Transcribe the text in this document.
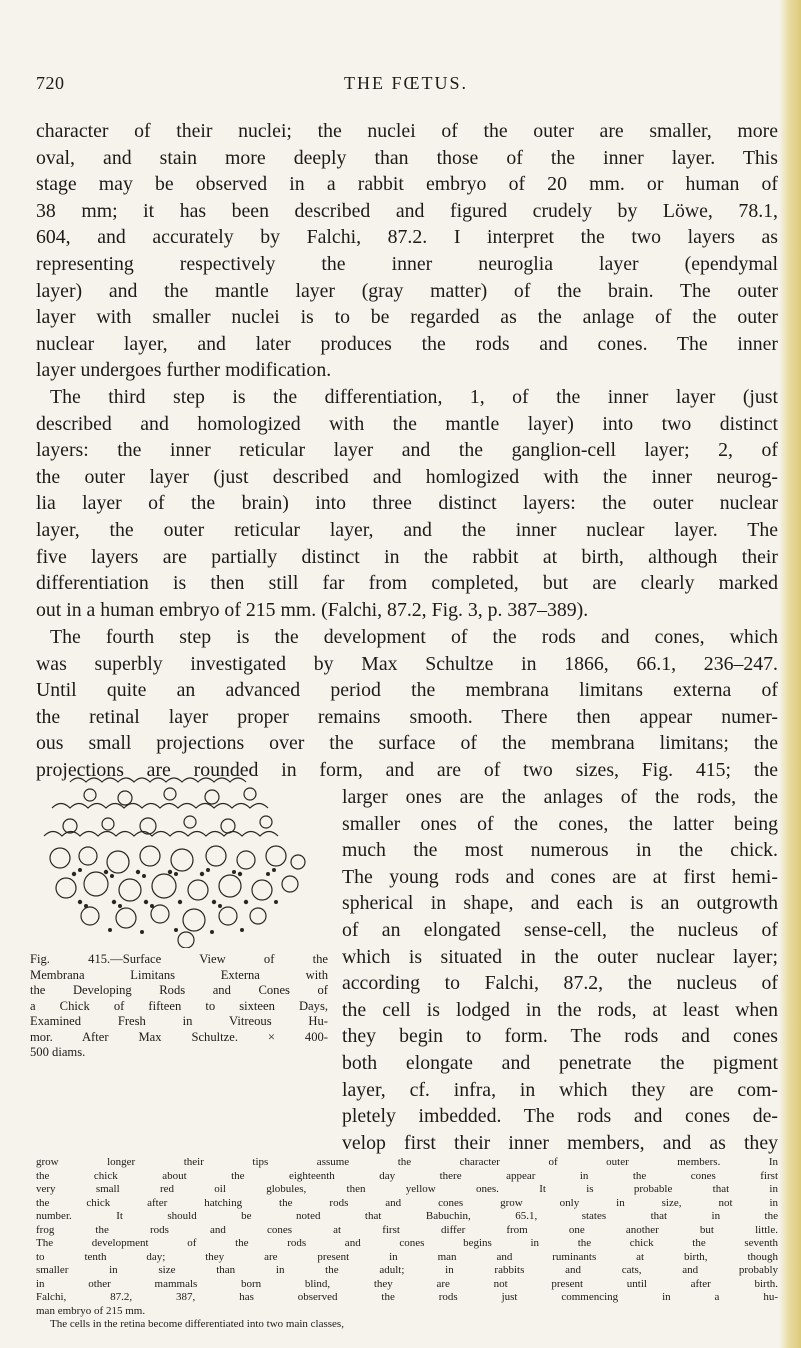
720	THE FŒTUS.
character of their nuclei; the nuclei of the outer are smaller, more
oval, and stain more deeply than those of the inner layer. This
stage may be observed in a rabbit embryo of 20 mm. or human of
38 mm; it has been described and figured crudely by Löwe, 78.1,
604, and accurately by Falchi, 87.2. I interpret the two layers as
representing respectively the inner neuroglia layer (ependymal
layer) and the mantle layer (gray matter) of the brain. The outer
layer with smaller nuclei is to be regarded as the anlage of the outer
nuclear layer, and later produces the rods and cones. The inner
layer undergoes further modification.
The third step is the differentiation, 1, of the inner layer (just
described and homologized with the mantle layer) into two distinct
layers: the inner reticular layer and the ganglion-cell layer; 2, of
the outer layer (just described and homlogized with the inner neurog-
lia layer of the brain) into three distinct layers: the outer nuclear
layer, the outer reticular layer, and the inner nuclear layer. The
five layers are partially distinct in the rabbit at birth, although their
differentiation is then still far from completed, but are clearly marked
out in a human embryo of 215 mm. (Falchi, 87.2, Fig. 3, p. 387–389).
The fourth step is the development of the rods and cones, which
was superbly investigated by Max Schultze in 1866, 66.1, 236–247.
Until quite an advanced period the membrana limitans externa of
the retinal layer proper remains smooth. There then appear numer-
ous small projections over the surface of the membrana limitans; the
projections are rounded in form, and are of two sizes, Fig. 415; the
larger ones are the anlages of the rods, the
smaller ones of the cones, the latter being
much the most numerous in the chick.
The young rods and cones are at first hemi-
spherical in shape, and each is an outgrowth
of an elongated sense-cell, the nucleus of
which is situated in the outer nuclear layer;
according to Falchi, 87.2, the nucleus of
the cell is lodged in the rods, at least when
they begin to form. The rods and cones
both elongate and penetrate the pigment
layer, cf. infra, in which they are com-
pletely imbedded. The rods and cones de-
velop first their inner members, and as they
Fig. 415.—Surface View of the
Membrana Limitans Externa with
the Developing Rods and Cones of
a Chick of fifteen to sixteen Days,
Examined Fresh in Vitreous Hu-
mor. After Max Schultze. × 400-
500 diams.
grow longer their tips assume the character of outer members. In
the chick about the eighteenth day there appear in the cones first
very small red oil globules, then yellow ones. It is probable that in
the chick after hatching the rods and cones grow only in size, not in
number. It should be noted that Babuchin, 65.1, states that in the
frog the rods and cones at first differ from one another but little.
The development of the rods and cones begins in the chick the seventh
to tenth day; they are present in man and ruminants at birth, though
smaller in size than in the adult; in rabbits and cats, and probably
in other mammals born blind, they are not present until after birth.
Falchi, 87.2, 387, has observed the rods just commencing in a hu-
man embryo of 215 mm.
The cells in the retina become differentiated into two main classes,
